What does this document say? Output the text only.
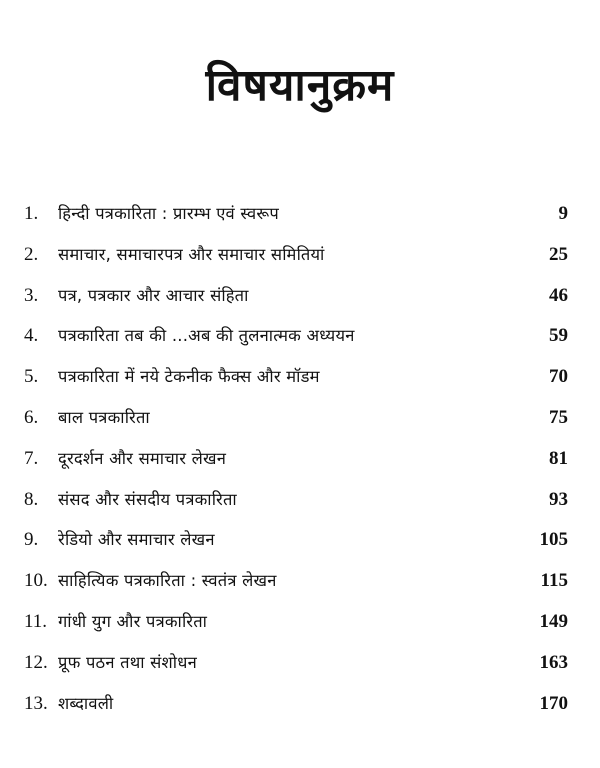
विषयानुक्रम
1. हिन्दी पत्रकारिता : प्रारम्भ एवं स्वरूप	9
2. समाचार, समाचारपत्र और समाचार समितियां	25
3. पत्र, पत्रकार और आचार संहिता	46
4. पत्रकारिता तब की ...अब की तुलनात्मक अध्ययन	59
5. पत्रकारिता में नये टेकनीक फैक्स और मॉडम	70
6. बाल पत्रकारिता	75
7. दूरदर्शन और समाचार लेखन	81
8. संसद और संसदीय पत्रकारिता	93
9. रेडियो और समाचार लेखन	105
10. साहित्यिक पत्रकारिता : स्वतंत्र लेखन	115
11. गांधी युग और पत्रकारिता	149
12. प्रूफ पठन तथा संशोधन	163
13. शब्दावली	170
